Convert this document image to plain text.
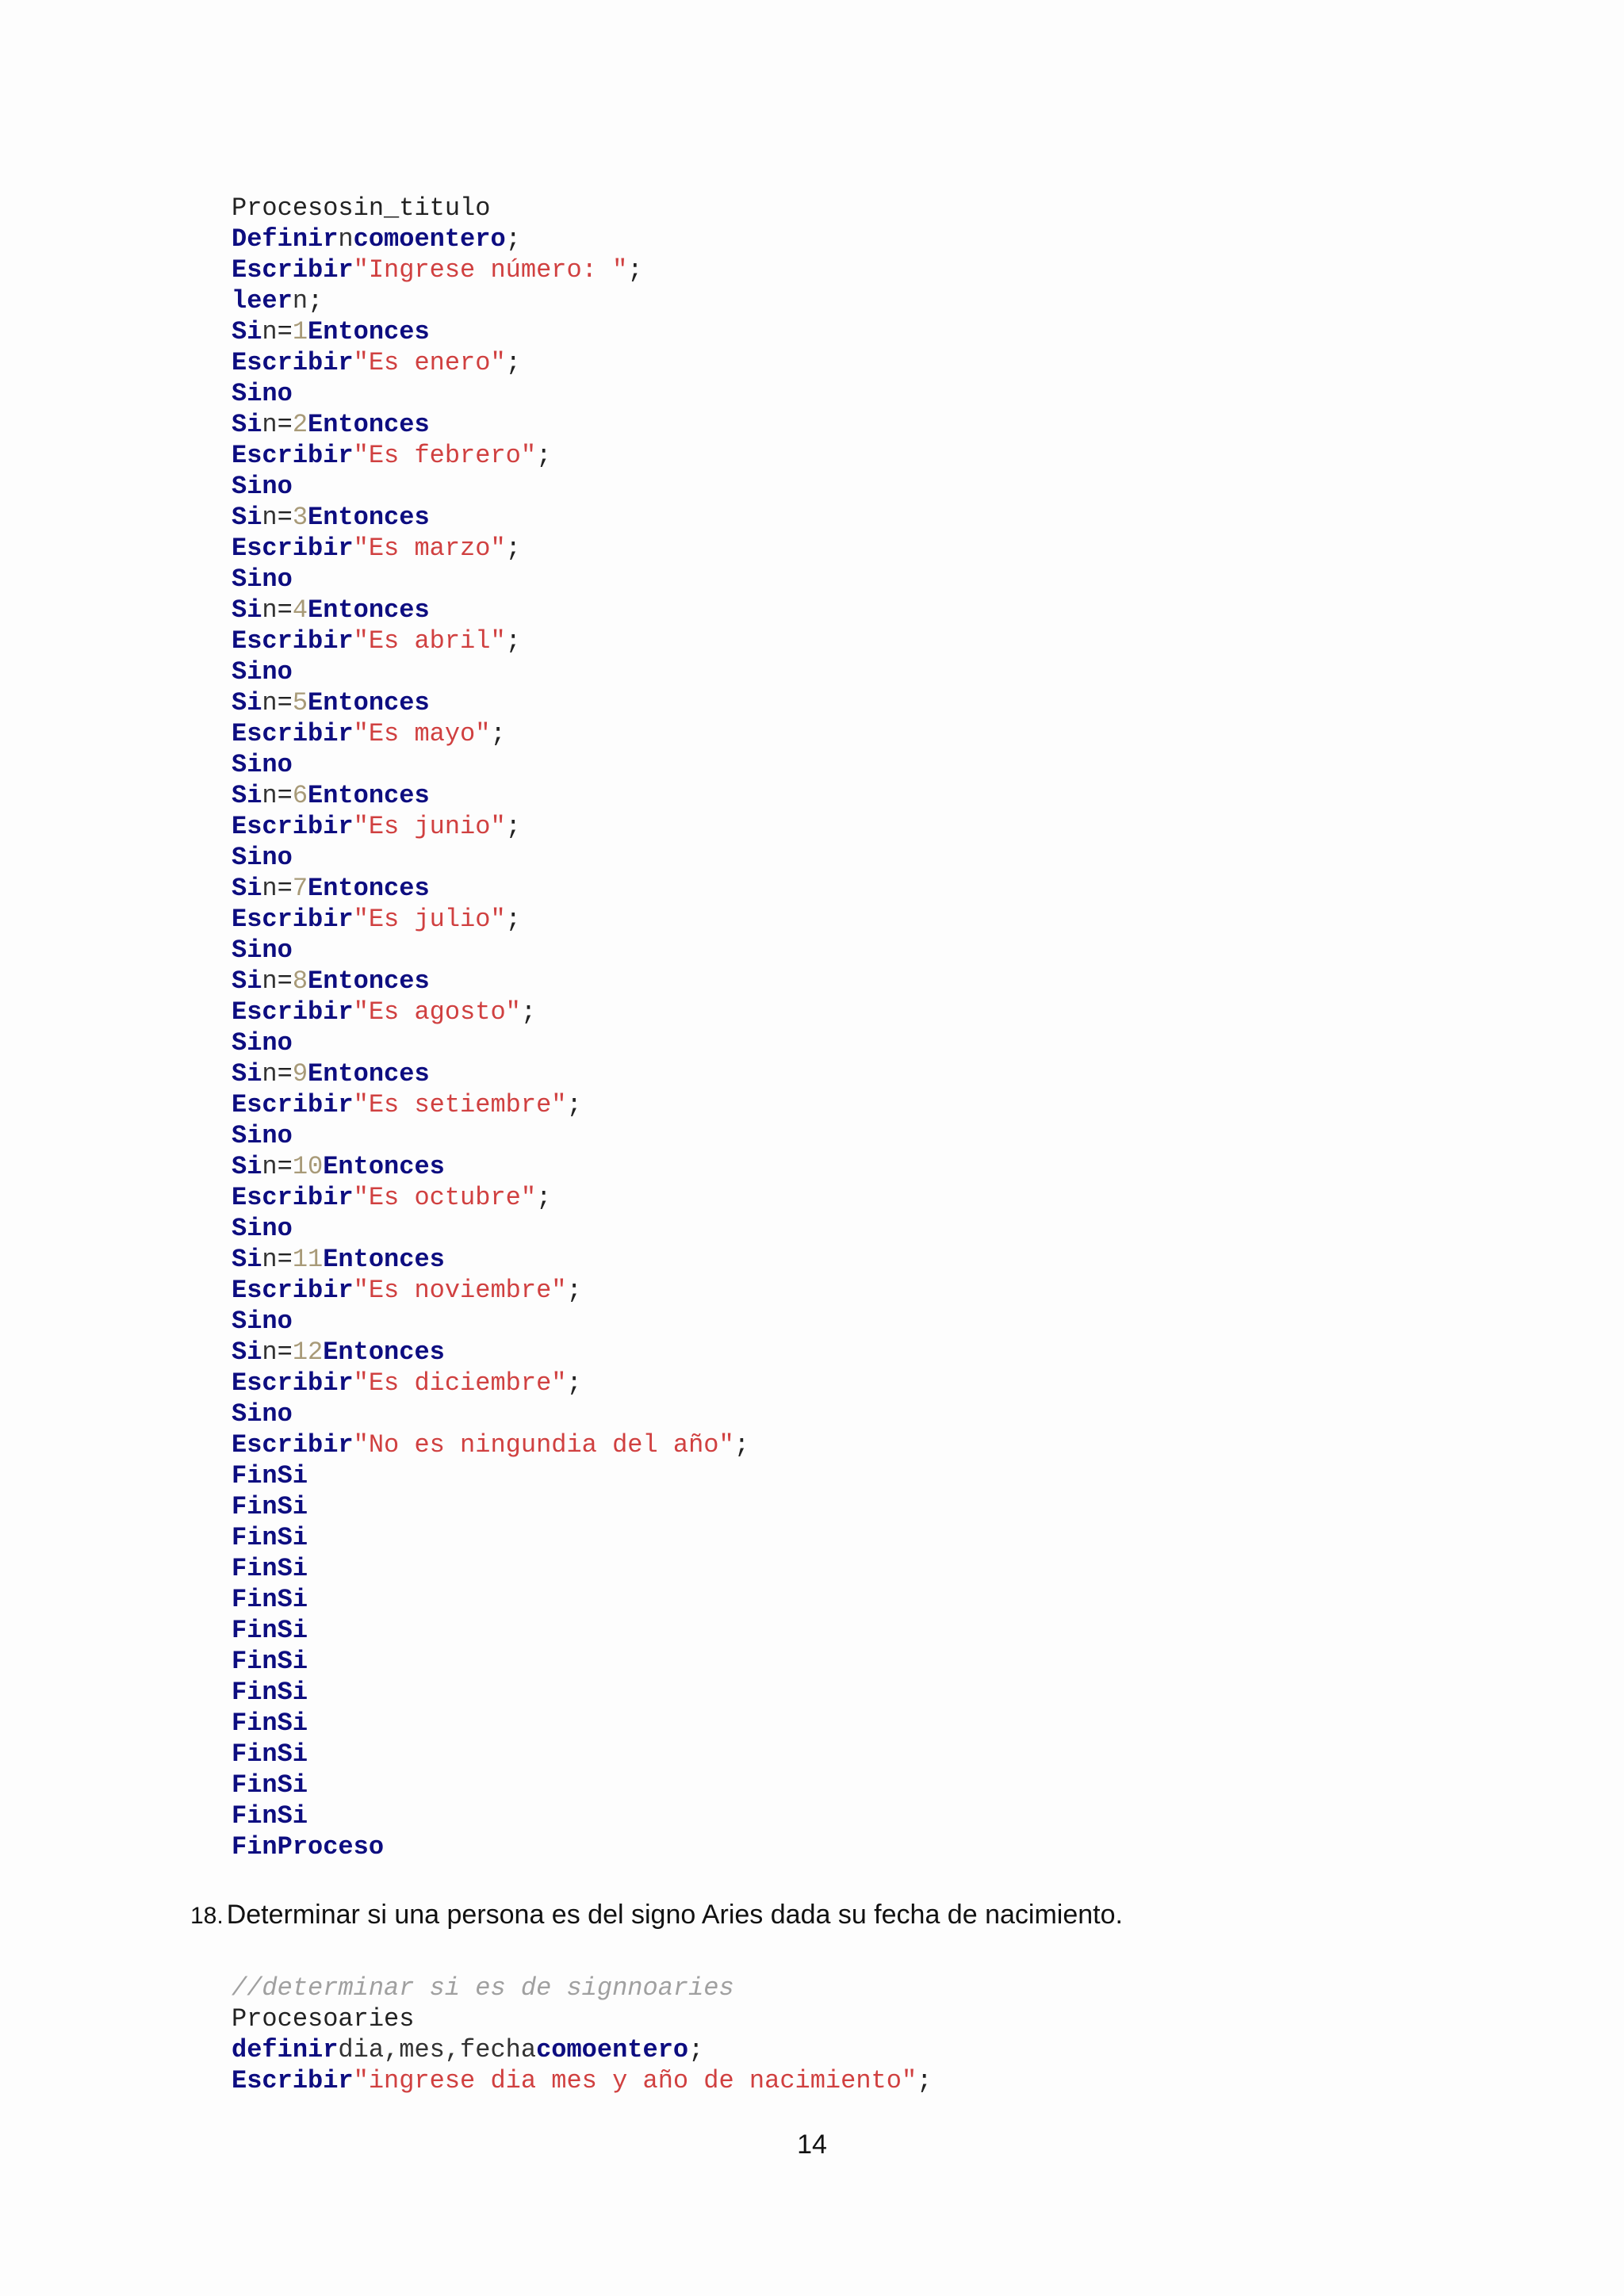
Procesosin_titulo
Definirncomoentero;
Escribir"Ingrese número: ";
leern;
Sin=1Entonces
Escribir"Es enero";
Sino
Sin=2Entonces
Escribir"Es febrero";
Sino
Sin=3Entonces
Escribir"Es marzo";
Sino
Sin=4Entonces
Escribir"Es abril";
Sino
Sin=5Entonces
Escribir"Es mayo";
Sino
Sin=6Entonces
Escribir"Es junio";
Sino
Sin=7Entonces
Escribir"Es julio";
Sino
Sin=8Entonces
Escribir"Es agosto";
Sino
Sin=9Entonces
Escribir"Es setiembre";
Sino
Sin=10Entonces
Escribir"Es octubre";
Sino
Sin=11Entonces
Escribir"Es noviembre";
Sino
Sin=12Entonces
Escribir"Es diciembre";
Sino
Escribir"No es ningundia del año";
FinSi
FinSi
FinSi
FinSi
FinSi
FinSi
FinSi
FinSi
FinSi
FinSi
FinSi
FinSi
FinProceso
18. Determinar si una persona es del signo Aries dada su fecha de nacimiento.
//determinar si es de signnoaries
Procesoaries
definirdia,mes,fechacomoentero;
Escribir"ingrese dia mes y año de nacimiento";
14
